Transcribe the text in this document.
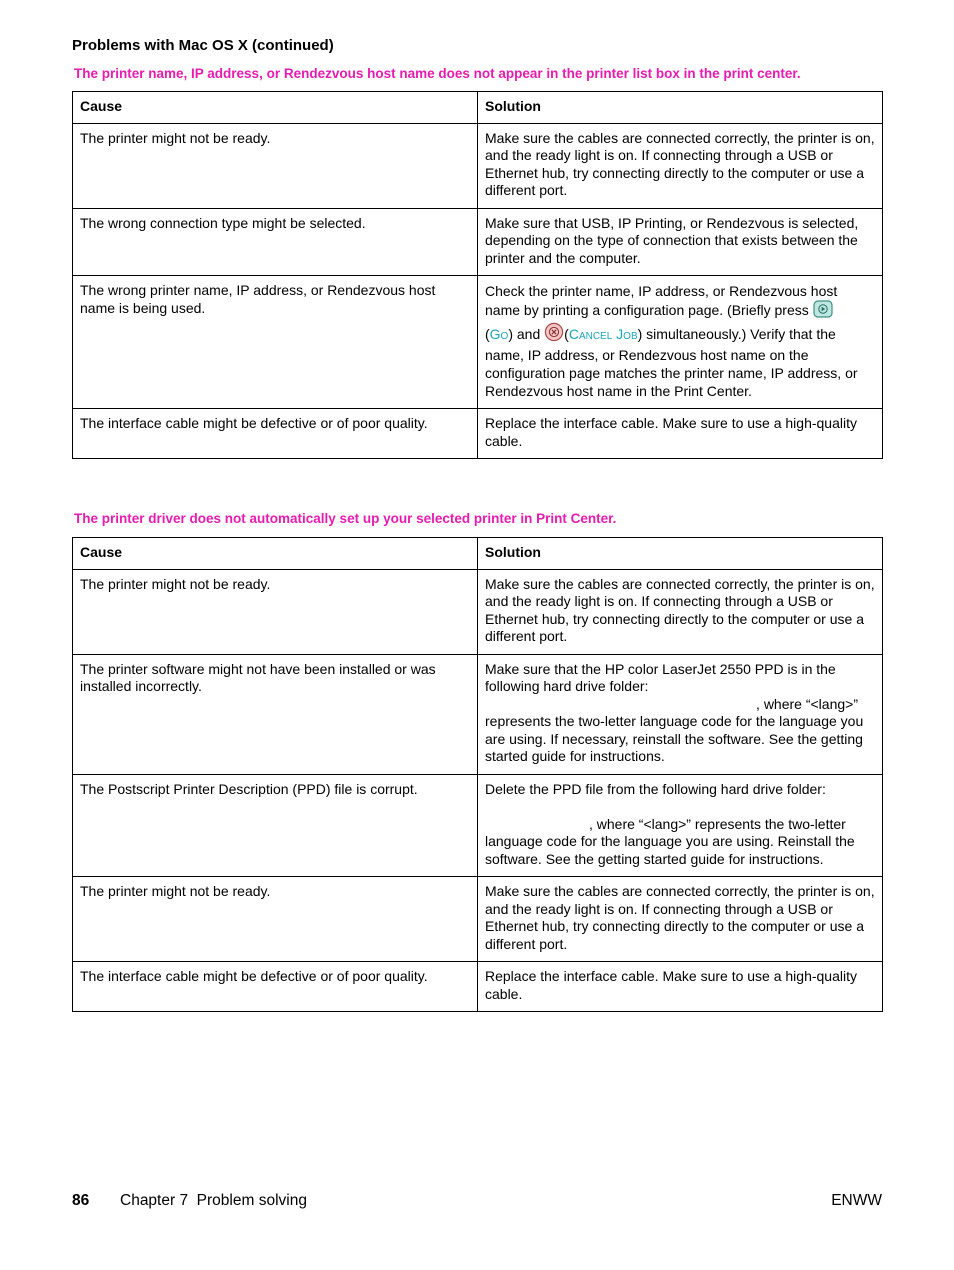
Problems with Mac OS X (continued)

The printer name, IP address, or Rendezvous host name does not appear in the printer list box in the print center.

Cause	Solution
The printer might not be ready.	Make sure the cables are connected correctly, the printer is on, and the ready light is on. If connecting through a USB or Ethernet hub, try connecting directly to the computer or use a different port.
The wrong connection type might be selected.	Make sure that USB, IP Printing, or Rendezvous is selected, depending on the type of connection that exists between the printer and the computer.
The wrong printer name, IP address, or Rendezvous host name is being used.	Check the printer name, IP address, or Rendezvous host name by printing a configuration page. (Briefly press
(Go) and (Cancel Job) simultaneously.) Verify that the name, IP address, or Rendezvous host name on the configuration page matches the printer name, IP address, or Rendezvous host name in the Print Center.
The interface cable might be defective or of poor quality.	Replace the interface cable. Make sure to use a high-quality cable.

The printer driver does not automatically set up your selected printer in Print Center.

Cause	Solution
The printer might not be ready.	Make sure the cables are connected correctly, the printer is on, and the ready light is on. If connecting through a USB or Ethernet hub, try connecting directly to the computer or use a different port.
The printer software might not have been installed or was installed incorrectly.	Make sure that the HP color LaserJet 2550 PPD is in the following hard drive folder:
, where “<lang>”
represents the two-letter language code for the language you are using. If necessary, reinstall the software. See the getting started guide for instructions.
The Postscript Printer Description (PPD) file is corrupt.	Delete the PPD file from the following hard drive folder:
, where “<lang>” represents the two-letter
language code for the language you are using. Reinstall the software. See the getting started guide for instructions.
The printer might not be ready.	Make sure the cables are connected correctly, the printer is on, and the ready light is on. If connecting through a USB or Ethernet hub, try connecting directly to the computer or use a different port.
The interface cable might be defective or of poor quality.	Replace the interface cable. Make sure to use a high-quality cable.
86 Chapter 7  Problem solving	ENWW
